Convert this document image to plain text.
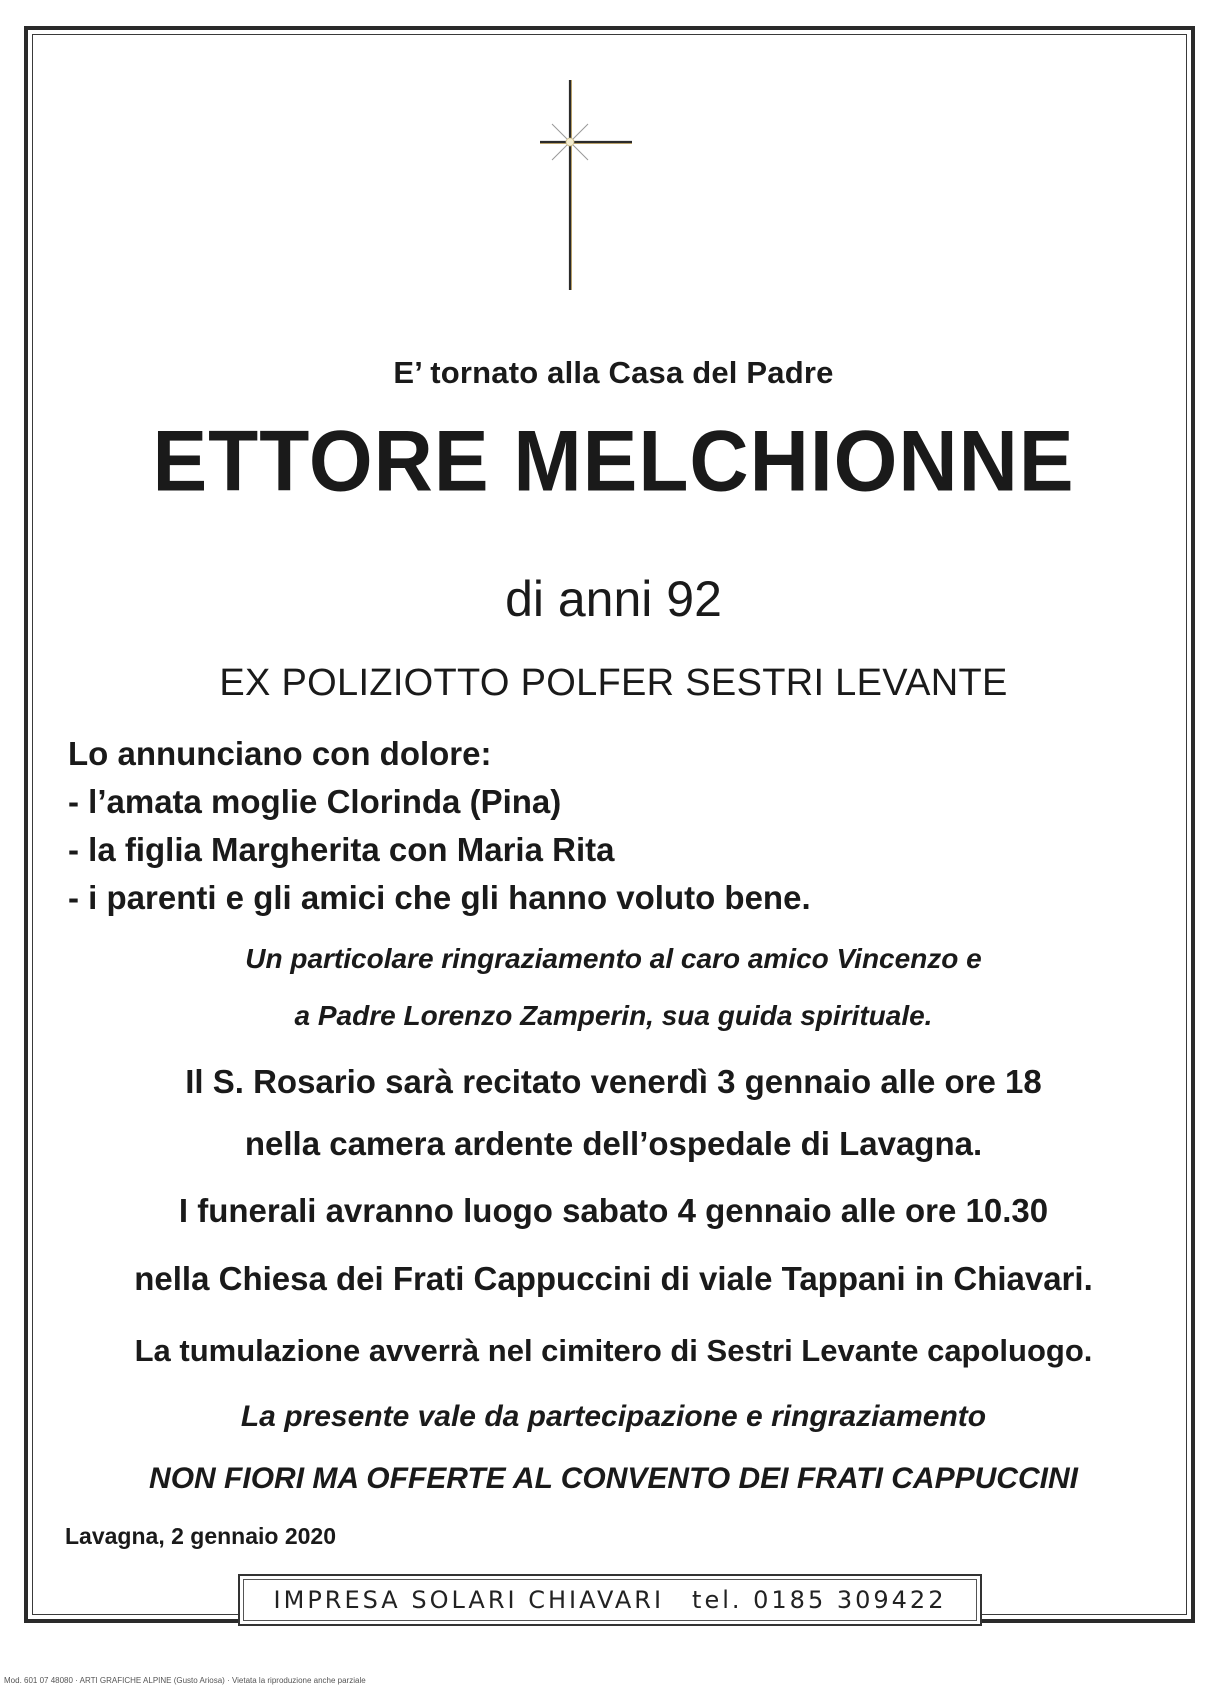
E’ tornato alla Casa del Padre
ETTORE MELCHIONNE
di anni 92
EX POLIZIOTTO POLFER SESTRI LEVANTE
Lo annunciano con dolore:
- l’amata moglie Clorinda (Pina)
- la figlia Margherita con Maria Rita
- i parenti e gli amici che gli hanno voluto bene.
Un particolare ringraziamento al caro amico Vincenzo e
a Padre Lorenzo Zamperin, sua guida spirituale.
Il S. Rosario sarà recitato venerdì 3 gennaio alle ore 18
nella camera ardente dell’ospedale di Lavagna.
I funerali avranno luogo sabato 4 gennaio alle ore 10.30
nella Chiesa dei Frati Cappuccini di viale Tappani in Chiavari.
La tumulazione avverrà nel cimitero di Sestri Levante capoluogo.
La presente vale da partecipazione e ringraziamento
NON FIORI MA OFFERTE AL CONVENTO DEI FRATI CAPPUCCINI
Lavagna, 2 gennaio 2020
IMPRESA SOLARI CHIAVARI tel. 0185 309422
Mod. 601 07 48080 · ARTI GRAFICHE ALPINE (Gusto Ariosa) · Vietata la riproduzione anche parziale
